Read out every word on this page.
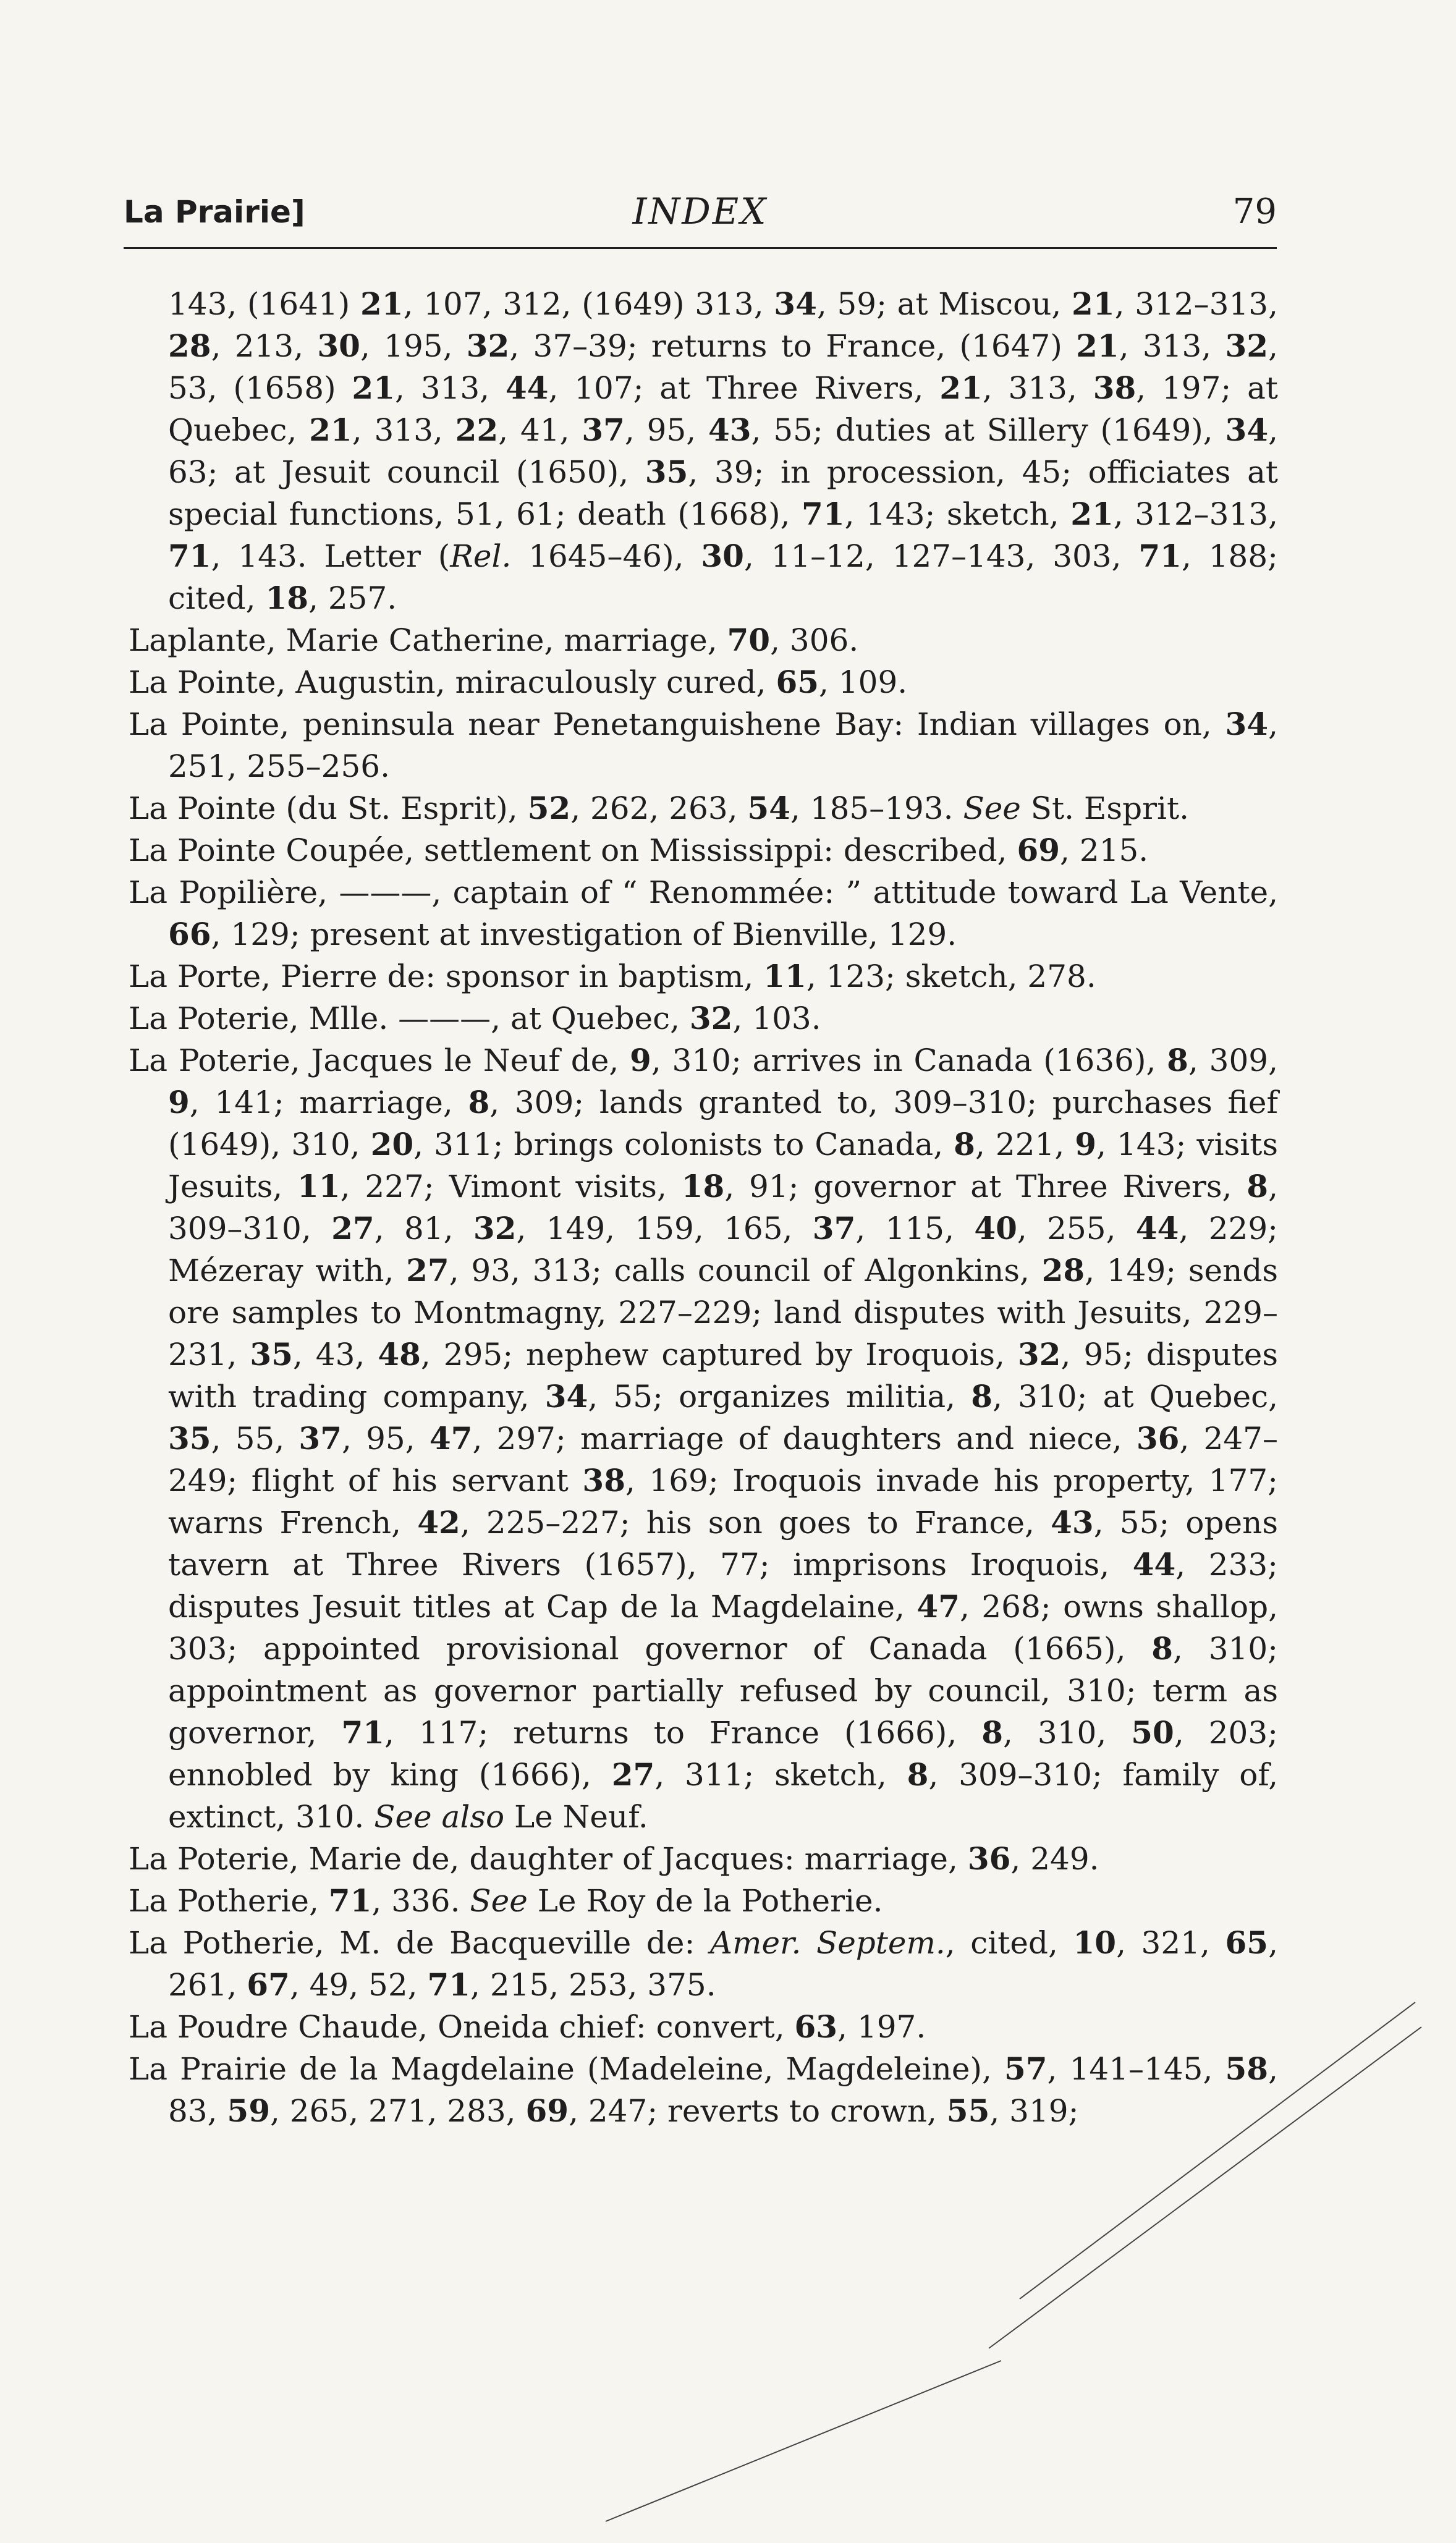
La Prairie]	INDEX	79

143, (1641) 21, 107, 312, (1649) 313, 34, 59; at Miscou, 21, 312–313, 28, 213, 30, 195, 32, 37–39; returns to France, (1647) 21, 313, 32, 53, (1658) 21, 313, 44, 107; at Three Rivers, 21, 313, 38, 197; at Quebec, 21, 313, 22, 41, 37, 95, 43, 55; duties at Sillery (1649), 34, 63; at Jesuit council (1650), 35, 39; in procession, 45; officiates at special functions, 51, 61; death (1668), 71, 143; sketch, 21, 312–313, 71, 143. Letter (Rel. 1645–46), 30, 11–12, 127–143, 303, 71, 188; cited, 18, 257.

Laplante, Marie Catherine, marriage, 70, 306.

La Pointe, Augustin, miraculously cured, 65, 109.

La Pointe, peninsula near Penetanguishene Bay: Indian villages on, 34, 251, 255–256.

La Pointe (du St. Esprit), 52, 262, 263, 54, 185–193. See St. Esprit.

La Pointe Coupée, settlement on Mississippi: described, 69, 215.

La Popilière, ———, captain of “ Renommée: ” attitude toward La Vente, 66, 129; present at investigation of Bienville, 129.

La Porte, Pierre de: sponsor in baptism, 11, 123; sketch, 278.

La Poterie, Mlle. ———, at Quebec, 32, 103.

La Poterie, Jacques le Neuf de, 9, 310; arrives in Canada (1636), 8, 309, 9, 141; marriage, 8, 309; lands granted to, 309–310; purchases fief (1649), 310, 20, 311; brings colonists to Canada, 8, 221, 9, 143; visits Jesuits, 11, 227; Vimont visits, 18, 91; governor at Three Rivers, 8, 309–310, 27, 81, 32, 149, 159, 165, 37, 115, 40, 255, 44, 229; Mézeray with, 27, 93, 313; calls council of Algonkins, 28, 149; sends ore samples to Montmagny, 227–229; land disputes with Jesuits, 229–231, 35, 43, 48, 295; nephew captured by Iroquois, 32, 95; disputes with trading company, 34, 55; organizes militia, 8, 310; at Quebec, 35, 55, 37, 95, 47, 297; marriage of daughters and niece, 36, 247–249; flight of his servant 38, 169; Iroquois invade his property, 177; warns French, 42, 225–227; his son goes to France, 43, 55; opens tavern at Three Rivers (1657), 77; imprisons Iroquois, 44, 233; disputes Jesuit titles at Cap de la Magdelaine, 47, 268; owns shallop, 303; appointed provisional governor of Canada (1665), 8, 310; appointment as governor partially refused by council, 310; term as governor, 71, 117; returns to France (1666), 8, 310, 50, 203; ennobled by king (1666), 27, 311; sketch, 8, 309–310; family of, extinct, 310. See also Le Neuf.

La Poterie, Marie de, daughter of Jacques: marriage, 36, 249.

La Potherie, 71, 336. See Le Roy de la Potherie.

La Potherie, M. de Bacqueville de: Amer. Septem., cited, 10, 321, 65, 261, 67, 49, 52, 71, 215, 253, 375.

La Poudre Chaude, Oneida chief: convert, 63, 197.

La Prairie de la Magdelaine (Madeleine, Magdeleine), 57, 141–145, 58, 83, 59, 265, 271, 283, 69, 247; reverts to crown, 55, 319;
